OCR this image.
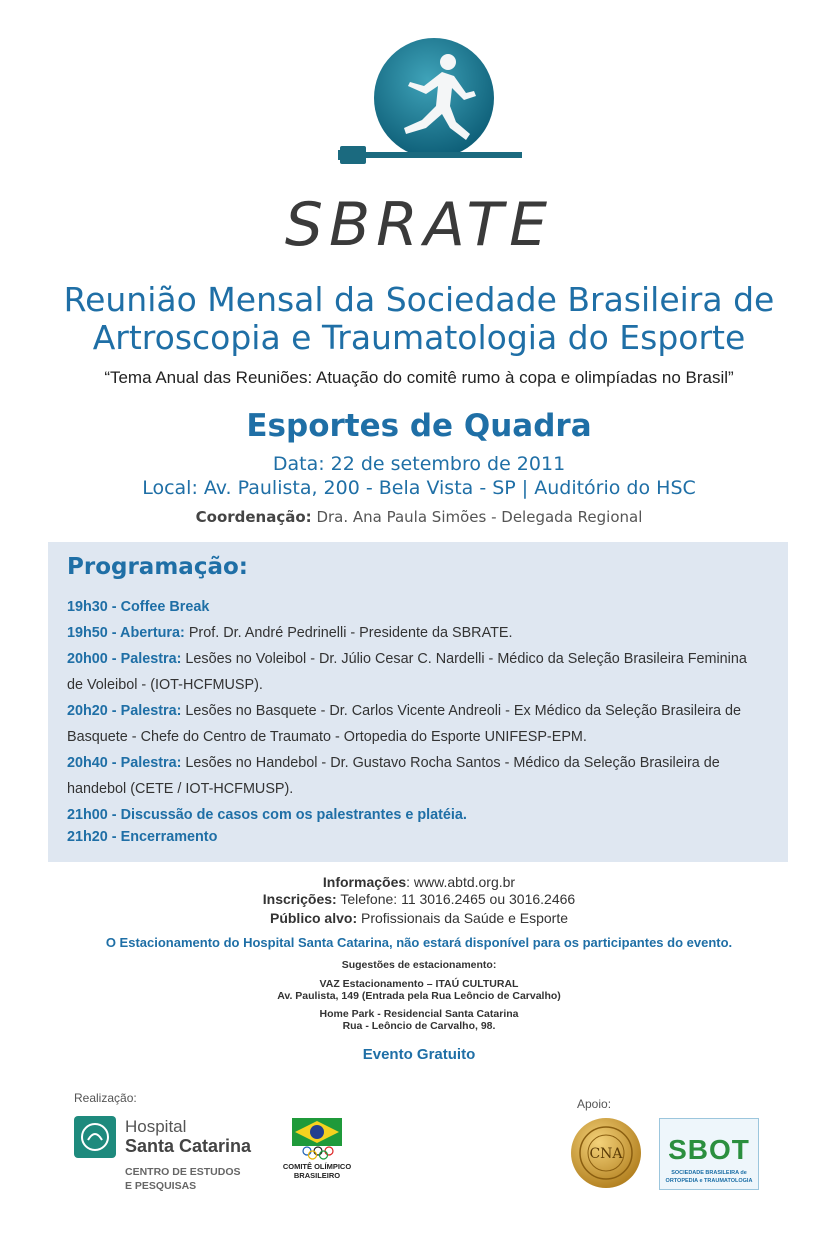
SBRATE
Reunião Mensal da Sociedade Brasileira de
Artroscopia e Traumatologia do Esporte
“Tema Anual das Reuniões: Atuação do comitê rumo à copa e olimpíadas no Brasil”
Esportes de Quadra
Data: 22 de setembro de 2011
Local: Av. Paulista, 200 - Bela Vista - SP | Auditório do HSC
Coordenação: Dra. Ana Paula Simões - Delegada Regional
Programação:
19h30 - Coffee Break
19h50 - Abertura: Prof. Dr. André Pedrinelli - Presidente da SBRATE.
20h00 - Palestra: Lesões no Voleibol - Dr. Júlio Cesar C. Nardelli - Médico da Seleção Brasileira Feminina
de Voleibol - (IOT-HCFMUSP).
20h20 - Palestra: Lesões no Basquete - Dr. Carlos Vicente Andreoli - Ex Médico da Seleção Brasileira de
Basquete - Chefe do Centro de Traumato - Ortopedia do Esporte UNIFESP-EPM.
20h40 - Palestra: Lesões no Handebol - Dr. Gustavo Rocha Santos - Médico da Seleção Brasileira de
handebol (CETE / IOT-HCFMUSP).
21h00 - Discussão de casos com os palestrantes e platéia.
21h20 - Encerramento
Informações: www.abtd.org.br
Inscrições: Telefone: 11 3016.2465 ou 3016.2466
Público alvo: Profissionais da Saúde e Esporte
O Estacionamento do Hospital Santa Catarina, não estará disponível para os participantes do evento.
Sugestões de estacionamento:
VAZ Estacionamento – ITAÚ CULTURAL
Av. Paulista, 149 (Entrada pela Rua Leôncio de Carvalho)
Home Park - Residencial Santa Catarina
Rua - Leôncio de Carvalho, 98.
Evento Gratuito
Realização:	Apoio:
Hospital
Santa Catarina
CENTRO DE ESTUDOS
E PESQUISAS
COMITÊ OLÍMPICO
BRASILEIRO
CNA	SBOT
SOCIEDADE BRASILEIRA de
ORTOPEDIA e TRAUMATOLOGIA
